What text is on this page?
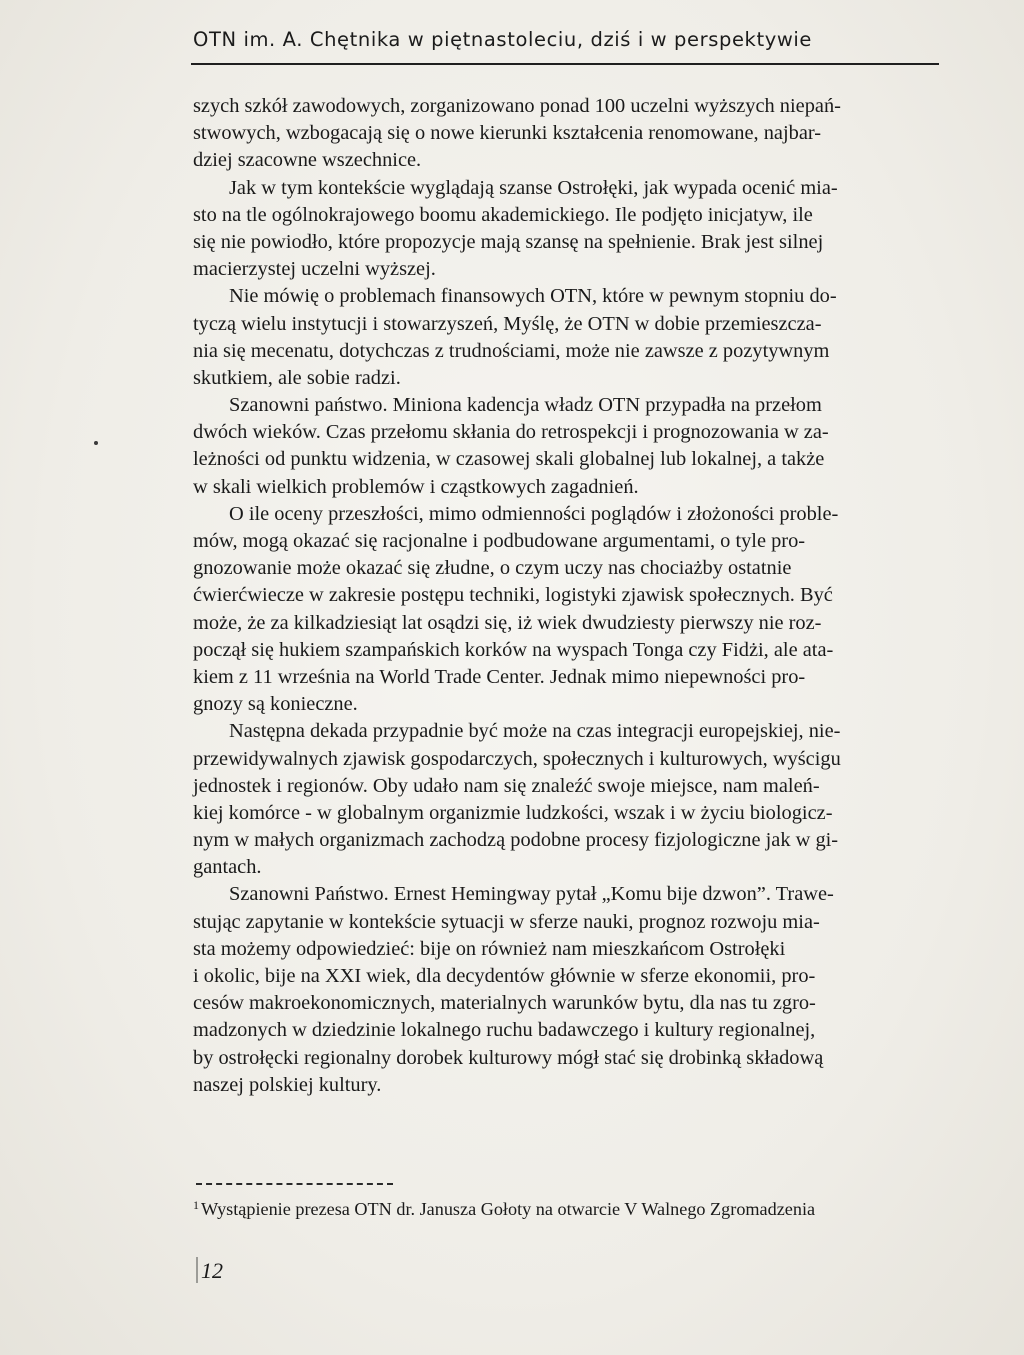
OTN im. A. Chętnika w piętnastoleciu, dziś i w perspektywie

szych szkół zawodowych, zorganizowano ponad 100 uczelni wyższych niepań-
stwowych, wzbogacają się o nowe kierunki kształcenia renomowane, najbar-
dziej szacowne wszechnice.

Jak w tym kontekście wyglądają szanse Ostrołęki, jak wypada ocenić mia-
sto na tle ogólnokrajowego boomu akademickiego. Ile podjęto inicjatyw, ile
się nie powiodło, które propozycje mają szansę na spełnienie. Brak jest silnej
macierzystej uczelni wyższej.

Nie mówię o problemach finansowych OTN, które w pewnym stopniu do-
tyczą wielu instytucji i stowarzyszeń, Myślę, że OTN w dobie przemieszcza-
nia się mecenatu, dotychczas z trudnościami, może nie zawsze z pozytywnym
skutkiem, ale sobie radzi.

Szanowni państwo. Miniona kadencja władz OTN przypadła na przełom
dwóch wieków. Czas przełomu skłania do retrospekcji i prognozowania w za-
leżności od punktu widzenia, w czasowej skali globalnej lub lokalnej, a także
w skali wielkich problemów i cząstkowych zagadnień.

O ile oceny przeszłości, mimo odmienności poglądów i złożoności proble-
mów, mogą okazać się racjonalne i podbudowane argumentami, o tyle pro-
gnozowanie może okazać się złudne, o czym uczy nas chociażby ostatnie
ćwierćwiecze w zakresie postępu techniki, logistyki zjawisk społecznych. Być
może, że za kilkadziesiąt lat osądzi się, iż wiek dwudziesty pierwszy nie roz-
począł się hukiem szampańskich korków na wyspach Tonga czy Fidżi, ale ata-
kiem z 11 września na World Trade Center. Jednak mimo niepewności pro-
gnozy są konieczne.

Następna dekada przypadnie być może na czas integracji europejskiej, nie-
przewidywalnych zjawisk gospodarczych, społecznych i kulturowych, wyścigu
jednostek i regionów. Oby udało nam się znaleźć swoje miejsce, nam maleń-
kiej komórce - w globalnym organizmie ludzkości, wszak i w życiu biologicz-
nym w małych organizmach zachodzą podobne procesy fizjologiczne jak w gi-
gantach.

Szanowni Państwo. Ernest Hemingway pytał „Komu bije dzwon”. Trawe-
stując zapytanie w kontekście sytuacji w sferze nauki, prognoz rozwoju mia-
sta możemy odpowiedzieć: bije on również nam mieszkańcom Ostrołęki
i okolic, bije na XXI wiek, dla decydentów głównie w sferze ekonomii, pro-
cesów makroekonomicznych, materialnych warunków bytu, dla nas tu zgro-
madzonych w dziedzinie lokalnego ruchu badawczego i kultury regionalnej,
by ostrołęcki regionalny dorobek kulturowy mógł stać się drobinką składową
naszej polskiej kultury.

$^1$ Wystąpienie prezesa OTN dr. Janusza Gołoty na otwarcie V Walnego Zgromadzenia
12
